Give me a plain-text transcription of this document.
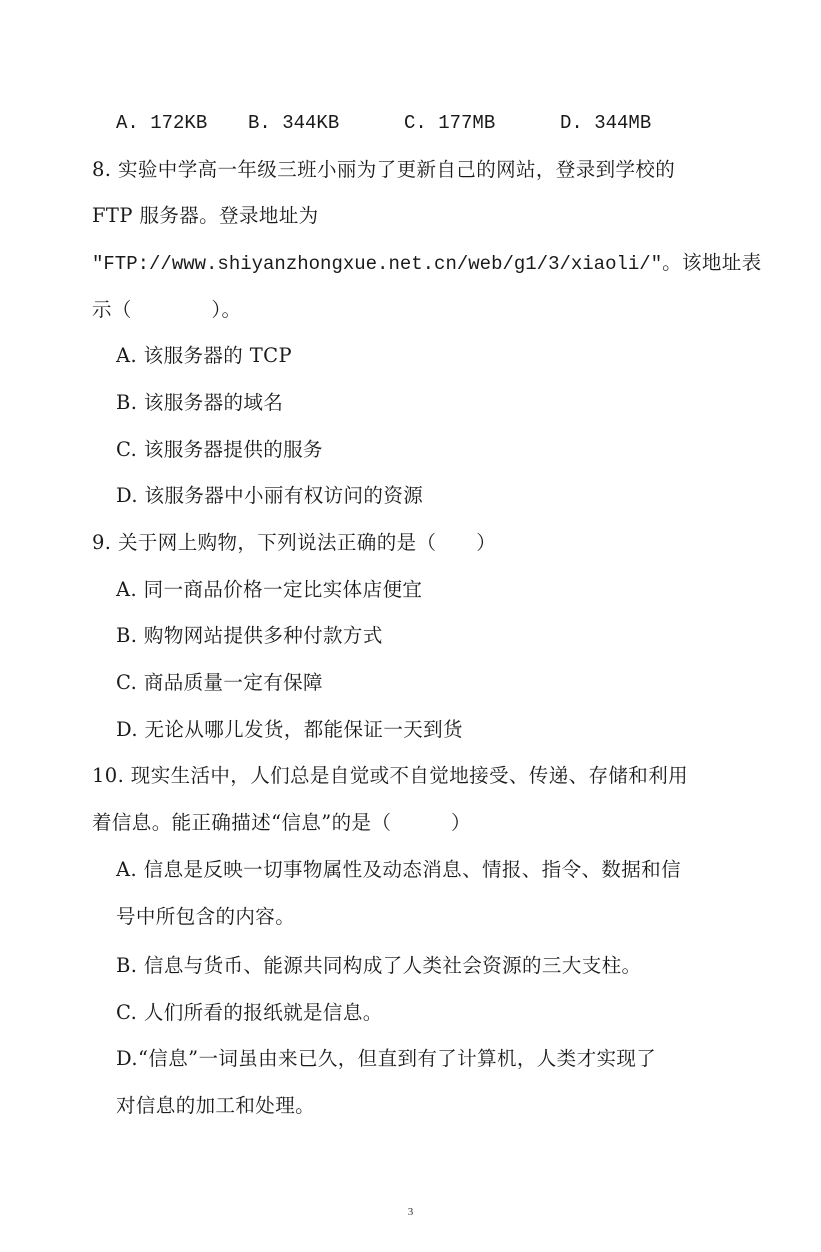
A. 172KB B. 344KB	C. 177MB	D. 344MB
8. 实验中学高一年级三班小丽为了更新自己的网站，登录到学校的
FTP 服务器。登录地址为
"FTP://www.shiyanzhongxue.net.cn/web/g1/3/xiaoli/"。该地址表
示（　　　　）。
A. 该服务器的 TCP
B. 该服务器的域名
C. 该服务器提供的服务
D. 该服务器中小丽有权访问的资源
9. 关于网上购物，下列说法正确的是（　　）
A. 同一商品价格一定比实体店便宜
B. 购物网站提供多种付款方式
C. 商品质量一定有保障
D. 无论从哪儿发货，都能保证一天到货
10. 现实生活中，人们总是自觉或不自觉地接受、传递、存储和利用
着信息。能正确描述“信息”的是（　　　）
A. 信息是反映一切事物属性及动态消息、情报、指令、数据和信
号中所包含的内容。
B. 信息与货币、能源共同构成了人类社会资源的三大支柱。
C. 人们所看的报纸就是信息。
D.“信息”一词虽由来已久，但直到有了计算机，人类才实现了
对信息的加工和处理。
3
